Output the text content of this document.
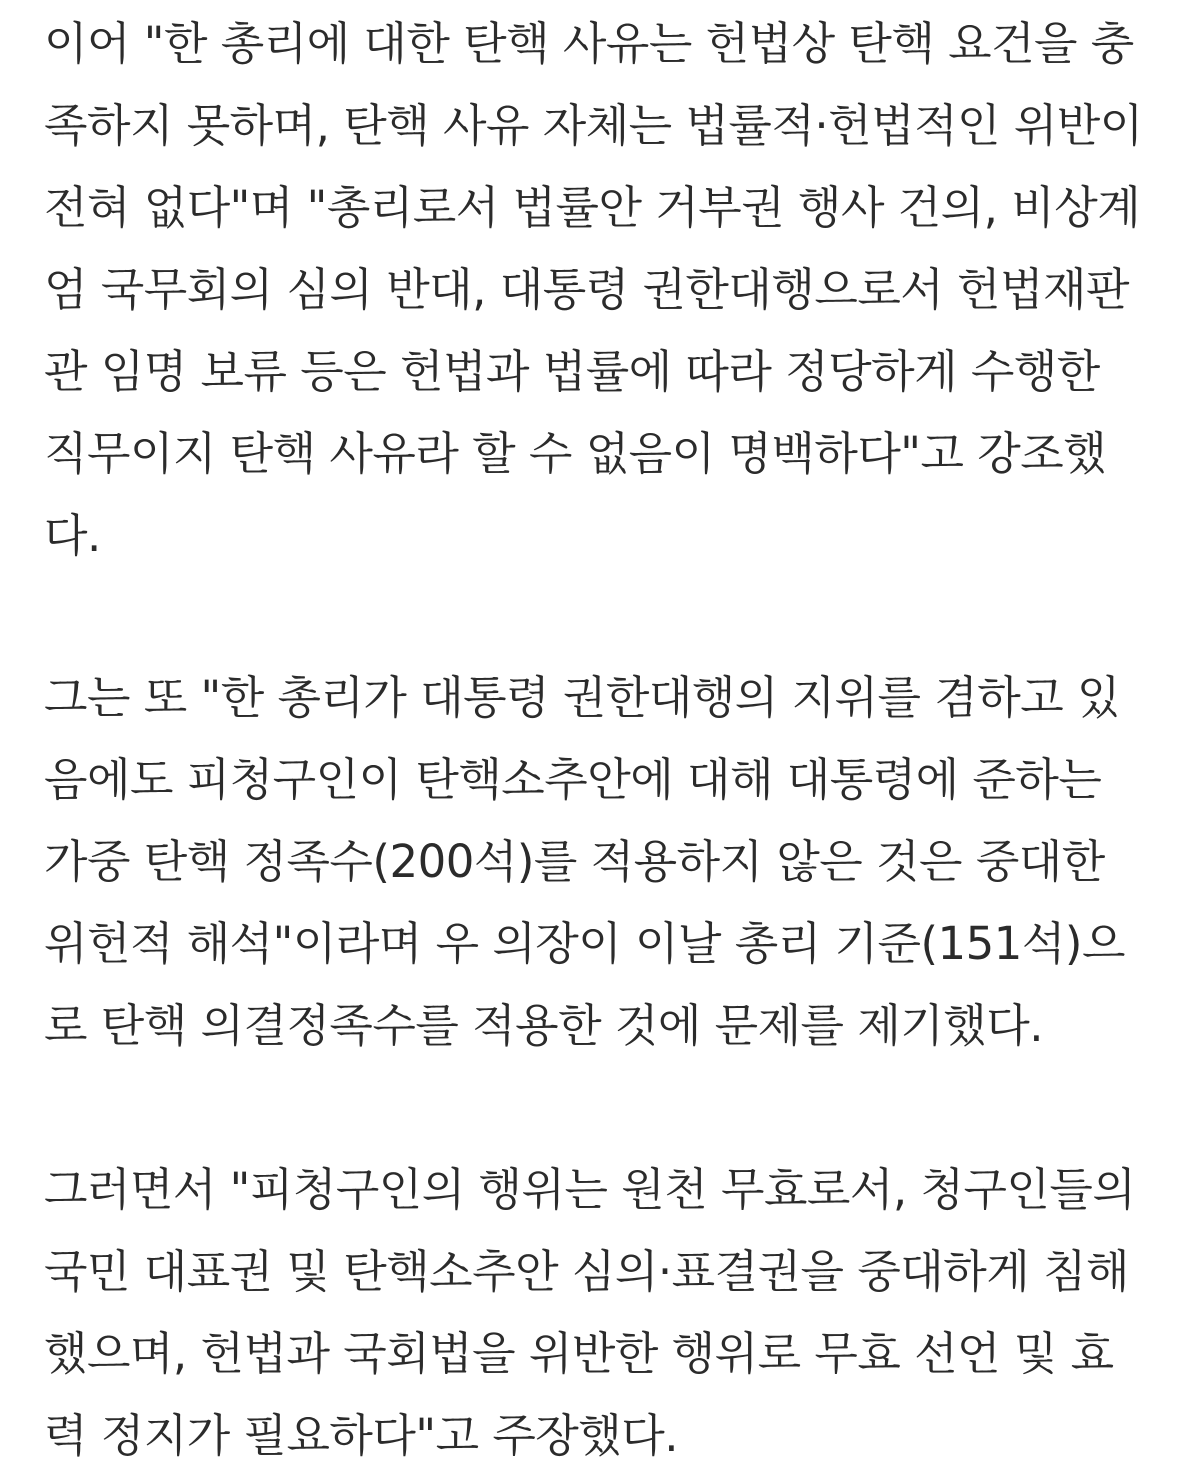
이어 "한 총리에 대한 탄핵 사유는 헌법상 탄핵 요건을 충
족하지 못하며, 탄핵 사유 자체는 법률적·헌법적인 위반이
전혀 없다"며 "총리로서 법률안 거부권 행사 건의, 비상계
엄 국무회의 심의 반대, 대통령 권한대행으로서 헌법재판
관 임명 보류 등은 헌법과 법률에 따라 정당하게 수행한
직무이지 탄핵 사유라 할 수 없음이 명백하다"고 강조했
다.

그는 또 "한 총리가 대통령 권한대행의 지위를 겸하고 있
음에도 피청구인이 탄핵소추안에 대해 대통령에 준하는
가중 탄핵 정족수(200석)를 적용하지 않은 것은 중대한
위헌적 해석"이라며 우 의장이 이날 총리 기준(151석)으
로 탄핵 의결정족수를 적용한 것에 문제를 제기했다.

그러면서 "피청구인의 행위는 원천 무효로서, 청구인들의
국민 대표권 및 탄핵소추안 심의·표결권을 중대하게 침해
했으며, 헌법과 국회법을 위반한 행위로 무효 선언 및 효
력 정지가 필요하다"고 주장했다.
